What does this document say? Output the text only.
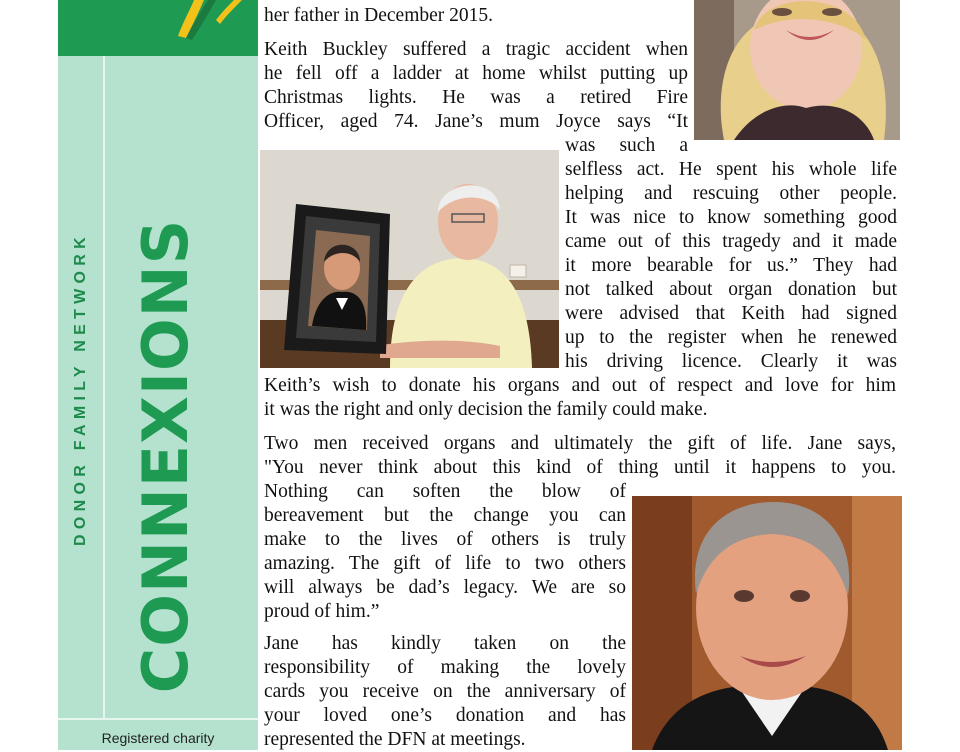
DONOR FAMILY NETWORK CONNEXIONS
Registered charity

her father in December 2015.

Keith Buckley suffered a tragic accident when
he fell off a ladder at home whilst putting up
Christmas lights. He was a retired Fire
Officer, aged 74. Jane’s mum Joyce says “It

was such a

selfless act. He spent his whole life
helping and rescuing other people.
It was nice to know something good
came out of this tragedy and it made
it more bearable for us.” They had
not talked about organ donation but
were advised that Keith had signed
up to the register when he renewed
his driving licence. Clearly it was

Keith’s wish to donate his organs and out of respect and love for him
it was the right and only decision the family could make.

Two men received organs and ultimately the gift of life. Jane says,
"You never think about this kind of thing until it happens to you.

Nothing can soften the blow of
bereavement but the change you can
make to the lives of others is truly
amazing. The gift of life to two others
will always be dad’s legacy. We are so
proud of him.”

Jane has kindly taken on the
responsibility of making the lovely
cards you receive on the anniversary of
your loved one’s donation and has
represented the DFN at meetings.
